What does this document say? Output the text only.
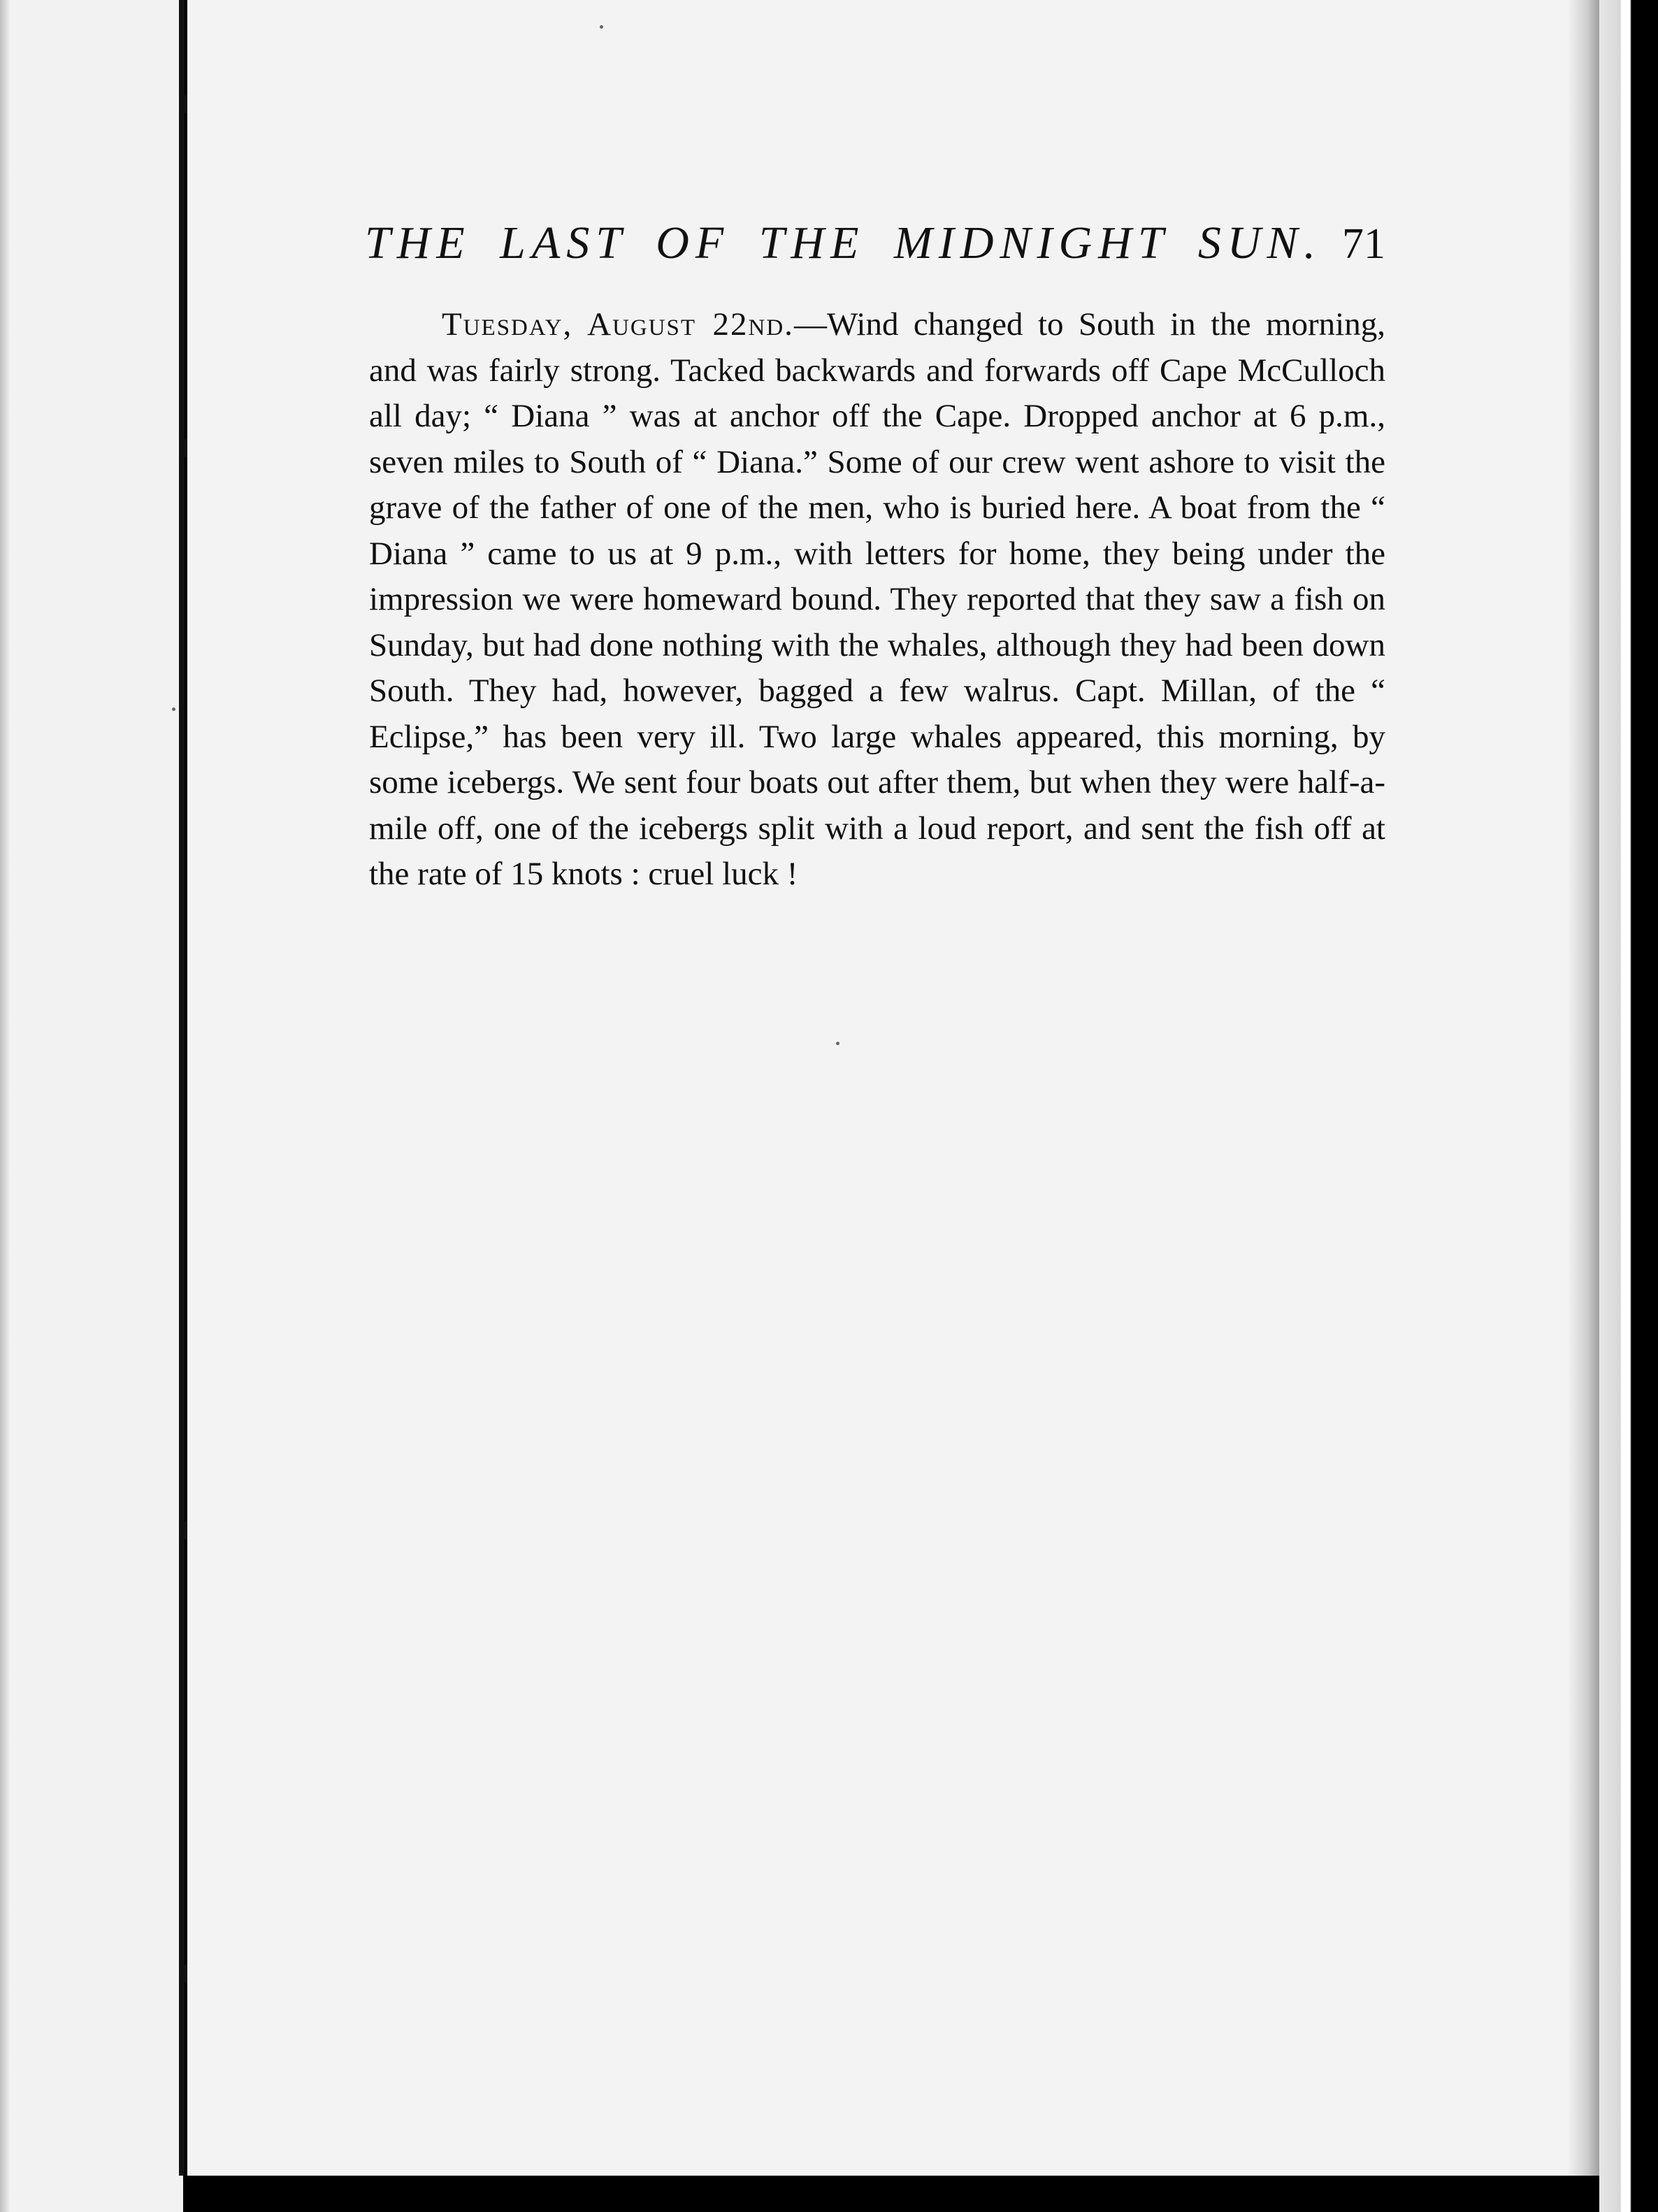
THE LAST OF THE MIDNIGHT SUN. 71

Tuesday, August 22nd.—Wind changed to South in the morning, and was fairly strong. Tacked backwards and forwards off Cape McCulloch all day; “ Diana ” was at anchor off the Cape. Dropped anchor at 6 p.m., seven miles to South of “ Diana.” Some of our crew went ashore to visit the grave of the father of one of the men, who is buried here. A boat from the “ Diana ” came to us at 9 p.m., with letters for home, they being under the impression we were homeward bound. They reported that they saw a fish on Sunday, but had done nothing with the whales, although they had been down South. They had, however, bagged a few walrus. Capt. Millan, of the “ Eclipse,” has been very ill. Two large whales appeared, this morning, by some icebergs. We sent four boats out after them, but when they were half-a-mile off, one of the icebergs split with a loud report, and sent the fish off at the rate of 15 knots : cruel luck !
